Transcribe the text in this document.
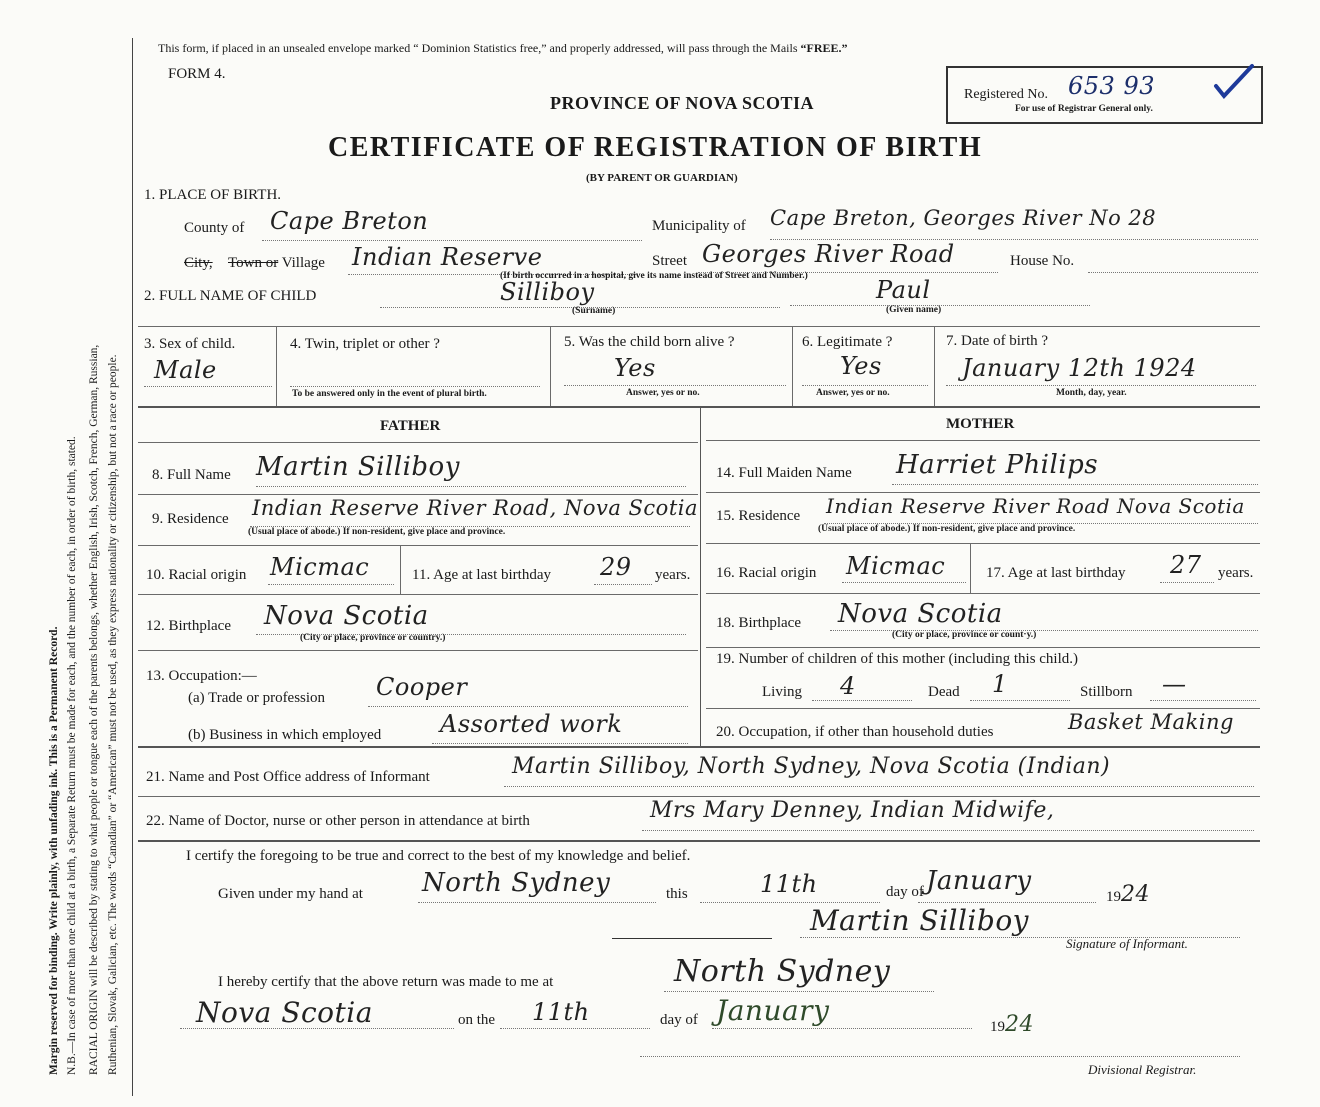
Margin reserved for binding. Write plainly, with unfading ink. This is a Permanent Record. N.B.—In case of more than one child at a birth, a Separate Return must be made for each, and the number of each, in order of birth, stated. RACIAL ORIGIN will be described by stating to what people or tongue each of the parents belongs, whether English, Irish, Scotch, French, German, Russian, Ruthenian, Slovak, Galician, etc. The words “Canadian” or “American” must not be used, as they express nationality or citizenship, but not a race or people.
This form, if placed in an unsealed envelope marked “ Dominion Statistics free,” and properly addressed, will pass through the Mails “FREE.”
FORM 4.
PROVINCE OF NOVA SCOTIA
CERTIFICATE OF REGISTRATION OF BIRTH
(BY PARENT OR GUARDIAN)
Registered No. 653 93
For use of Registrar General only.
1. PLACE OF BIRTH.
County of Cape Breton	Municipality of Cape Breton, Georges River No 28
City, Town or Village Indian Reserve	Street Georges River Road	House No.
(If birth occurred in a hospital, give its name instead of Street and Number.)
2. FULL NAME OF CHILD	Silliboy
(Surname)
Paul
(Given name)
3. Sex of child.
Male
4. Twin, triplet or other ?
To be answered only in the event of plural birth.
5. Was the child born alive ?
Yes
Answer, yes or no.
6. Legitimate ?
Yes
Answer, yes or no.
7. Date of birth ?
January 12th 1924
Month, day, year.
FATHER	MOTHER
8. Full Name Martin Silliboy
9. Residence Indian Reserve River Road, Nova Scotia
(Usual place of abode.) If non-resident, give place and province.
10. Racial origin Micmac	11. Age at last birthday 29 years.
12. Birthplace Nova Scotia
(City or place, province or country.)
13. Occupation:—
(a) Trade or profession Cooper
(b) Business in which employed Assorted work
14. Full Maiden Name Harriet Philips
15. Residence Indian Reserve River Road Nova Scotia
(Usual place of abode.) If non-resident, give place and province.
16. Racial origin Micmac	17. Age at last birthday 27 years.
18. Birthplace Nova Scotia
(City or place, province or count·y.)
19. Number of children of this mother (including this child.)
Living 4	Dead 1	Stillborn —
20. Occupation, if other than household duties	Basket Making
21. Name and Post Office address of Informant	Martin Silliboy, North Sydney, Nova Scotia (Indian)
22. Name of Doctor, nurse or other person in attendance at birth	Mrs Mary Denney, Indian Midwife,
I certify the foregoing to be true and correct to the best of my knowledge and belief.
Given under my hand at North Sydney	this	11th	day of January
1924
Martin Silliboy
Signature of Informant.
I hereby certify that the above return was made to me at	North Sydney
Nova Scotia	on the 11th	day of January	1924
Divisional Registrar.
